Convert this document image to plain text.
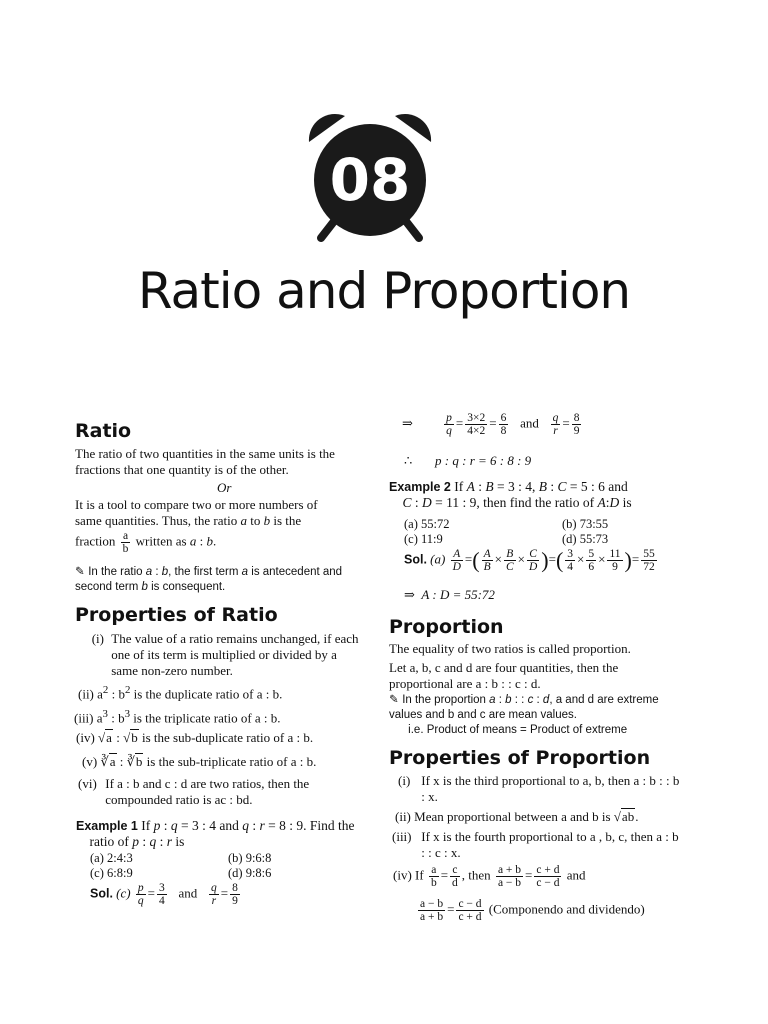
08
Ratio and Proportion
Ratio
The ratio of two quantities in the same units is the fractions that one quantity is of the other.
Or
It is a tool to compare two or more numbers of
same quantities. Thus, the ratio a to b is the
fraction $\frac{a}{b}$ written as a : b.
✎ In the ratio a : b, the first term a is antecedent and second term b is consequent.
Properties of Ratio
(i) The value of a ratio remains unchanged, if each one of its term is multiplied or divided by a same non-zero number.
(ii) $a^2$ : $b^2$ is the duplicate ratio of a : b.
(iii) $a^3$ : $b^3$ is the triplicate ratio of a : b.
(iv) √a : √b is the sub-duplicate ratio of a : b.
(v) ∛a : ∛b is the sub-triplicate ratio of a : b.
(vi) If a : b and c : d are two ratios, then the compounded ratio is ac : bd.
Example 1 If p : q = 3 : 4 and q : r = 8 : 9. Find the
ratio of p : q : r is
(a) 2:4:3	(b) 9:6:8
(c) 6:8:9	(d) 9:8:6
Sol. $(c) \frac{p}{q} = \frac{3}{4}$ and $\frac{q}{r} = \frac{8}{9}$
⇒ $\frac{p}{q} = \frac{3\times 2}{4\times 2} = \frac{6}{8}$ and $\frac{q}{r} = \frac{8}{9}$
∴       p : q : r = 6 : 8 : 9
Example 2 If A : B = 3 : 4, B : C = 5 : 6 and
C : D = 11 : 9, then find the ratio of A:D is
(a) 55:72	(b) 73:55
(c) 11:9	(d) 55:73
Sol. $(a) \frac{A}{D}$ =( $\frac{A}{B} \times \frac{B}{C} \times \frac{C}{D}$ )=( $\frac{3}{4} \times \frac{5}{6} \times \frac{11}{9}$ )= $\frac{55}{72}$
⇒  A : D = 55:72
Proportion
The equality of two ratios is called proportion.
Let a, b, c and d are four quantities, then the proportional are a : b : : c : d.
✎ In the proportion a : b : : c : d, a and d are extreme values and b and c are mean values.
i.e. Product of means = Product of extreme
Properties of Proportion
(i) If x is the third proportional to a, b, then a : b : : b : x.
(ii) Mean proportional between a and b is √ab.
(iii) If x is the fourth proportional to a , b, c, then a : b : : c : x.
(iv) If $\frac{a}{b} = \frac{c}{d}$ , then $\frac{a + b}{a - b} = \frac{c + d}{c - d}$ and
$\frac{a - b}{a + b} = \frac{c - d}{c + d}$ (Componendo and dividendo)
